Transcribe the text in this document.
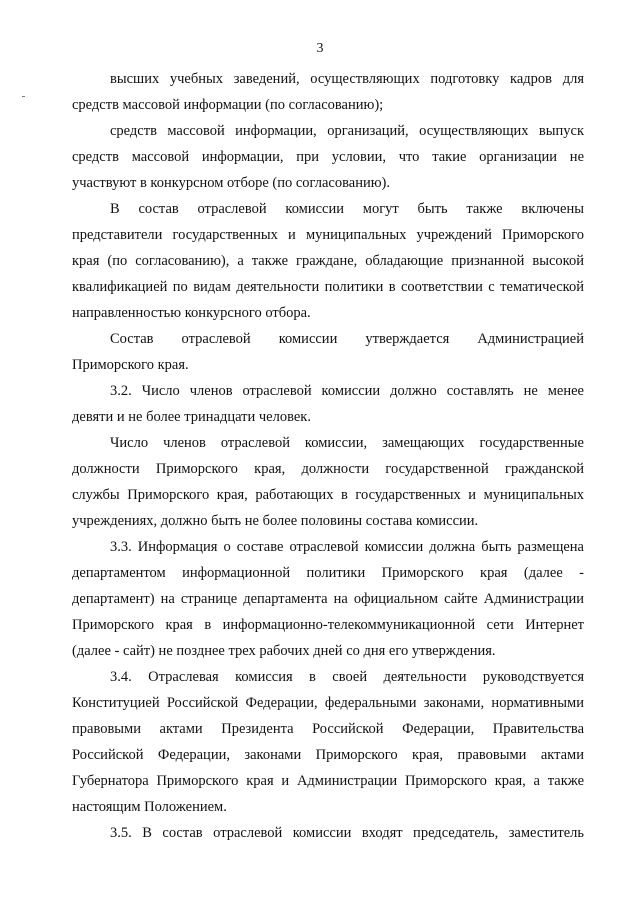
3
высших учебных заведений, осуществляющих подготовку кадров для
средств массовой информации (по согласованию);
средств массовой информации, организаций, осуществляющих выпуск
средств массовой информации, при условии, что такие организации не
участвуют в конкурсном отборе (по согласованию).
В состав отраслевой комиссии могут быть также включены
представители государственных и муниципальных учреждений Приморского
края (по согласованию), а также граждане, обладающие признанной высокой
квалификацией по видам деятельности политики в соответствии с тематической
направленностью конкурсного отбора.
Состав отраслевой комиссии утверждается Администрацией
Приморского края.
3.2. Число членов отраслевой комиссии должно составлять не менее
девяти и не более тринадцати человек.
Число членов отраслевой комиссии, замещающих государственные
должности Приморского края, должности государственной гражданской
службы Приморского края, работающих в государственных и муниципальных
учреждениях, должно быть не более половины состава комиссии.
3.3. Информация о составе отраслевой комиссии должна быть размещена
департаментом информационной политики Приморского края (далее -
департамент) на странице департамента на официальном сайте Администрации
Приморского края в информационно-телекоммуникационной сети Интернет
(далее - сайт) не позднее трех рабочих дней со дня его утверждения.
3.4. Отраслевая комиссия в своей деятельности руководствуется
Конституцией Российской Федерации, федеральными законами, нормативными
правовыми актами Президента Российской Федерации, Правительства
Российской Федерации, законами Приморского края, правовыми актами
Губернатора Приморского края и Администрации Приморского края, а также
настоящим Положением.
3.5. В состав отраслевой комиссии входят председатель, заместитель
